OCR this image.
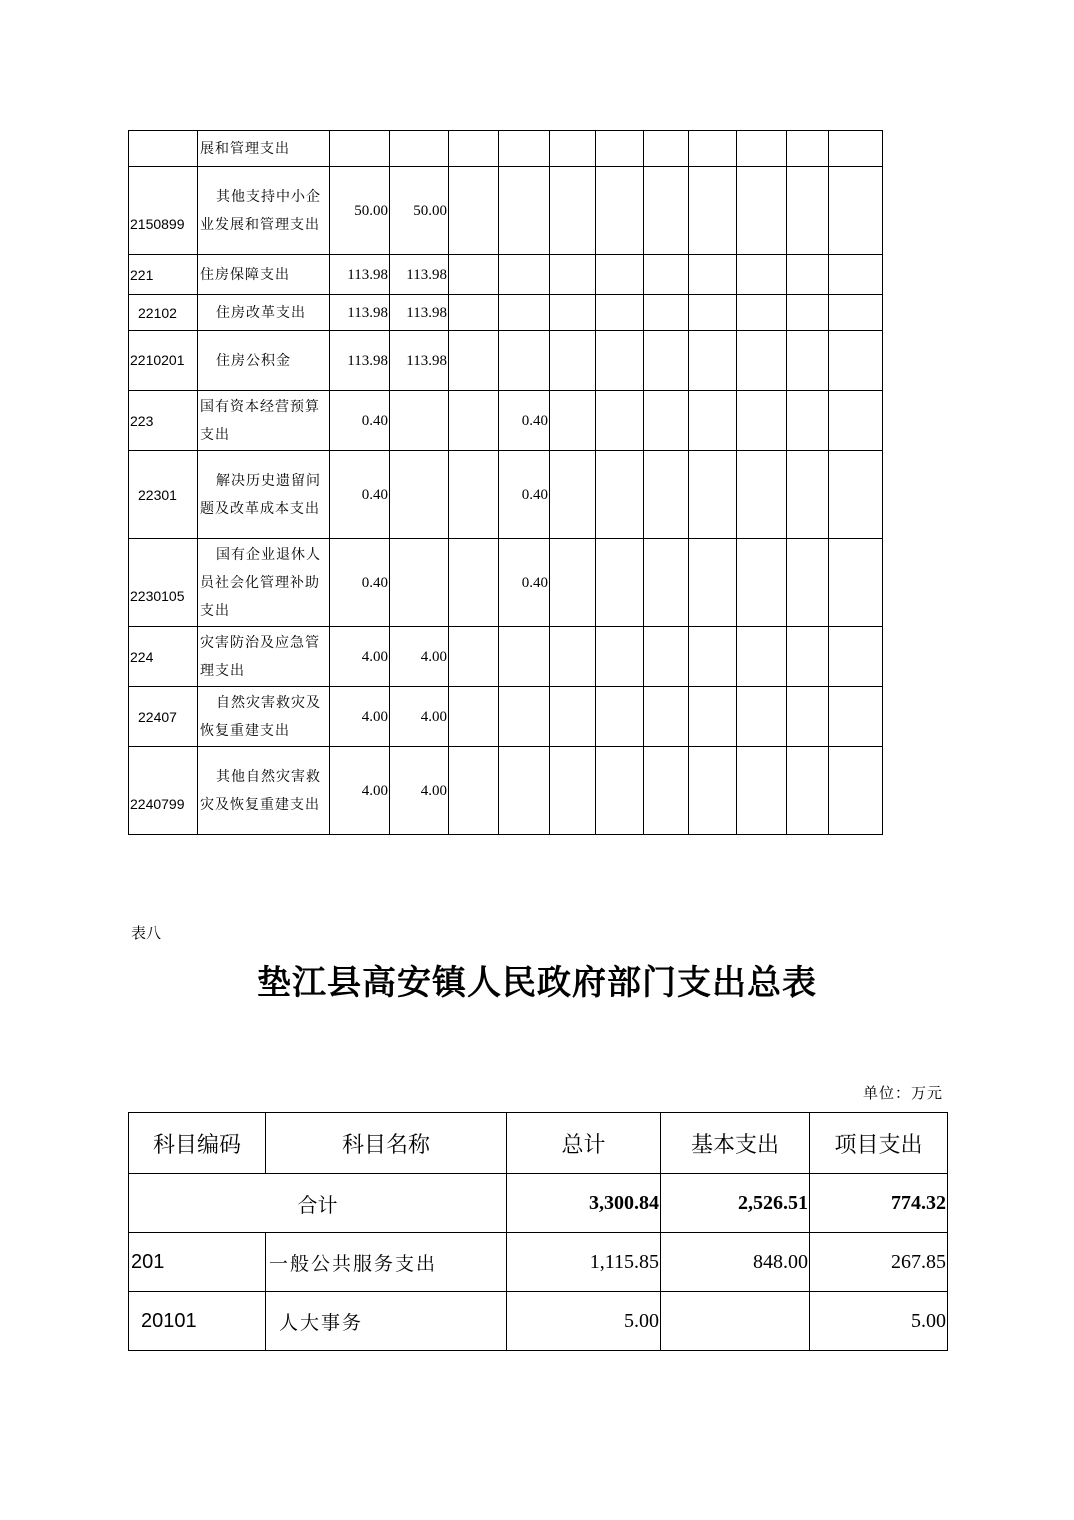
	展和管理支出											
2150899	其他支持中小企业发展和管理支出	50.00	50.00									
221	住房保障支出	113.98	113.98									
22102	住房改革支出	113.98	113.98									
2210201	住房公积金	113.98	113.98									
223	国有资本经营预算支出	0.40			0.40							
22301	解决历史遗留问题及改革成本支出	0.40			0.40							
2230105	国有企业退休人员社会化管理补助支出	0.40			0.40							
224	灾害防治及应急管理支出	4.00	4.00									
22407	自然灾害救灾及恢复重建支出	4.00	4.00									
2240799	其他自然灾害救灾及恢复重建支出	4.00	4.00									
表八
垫江县高安镇人民政府部门支出总表
单位：万元
科目编码	科目名称	总计	基本支出	项目支出
合计		3,300.84	2,526.51	774.32
201	一般公共服务支出	1,115.85	848.00	267.85
20101	人大事务	5.00		5.00
